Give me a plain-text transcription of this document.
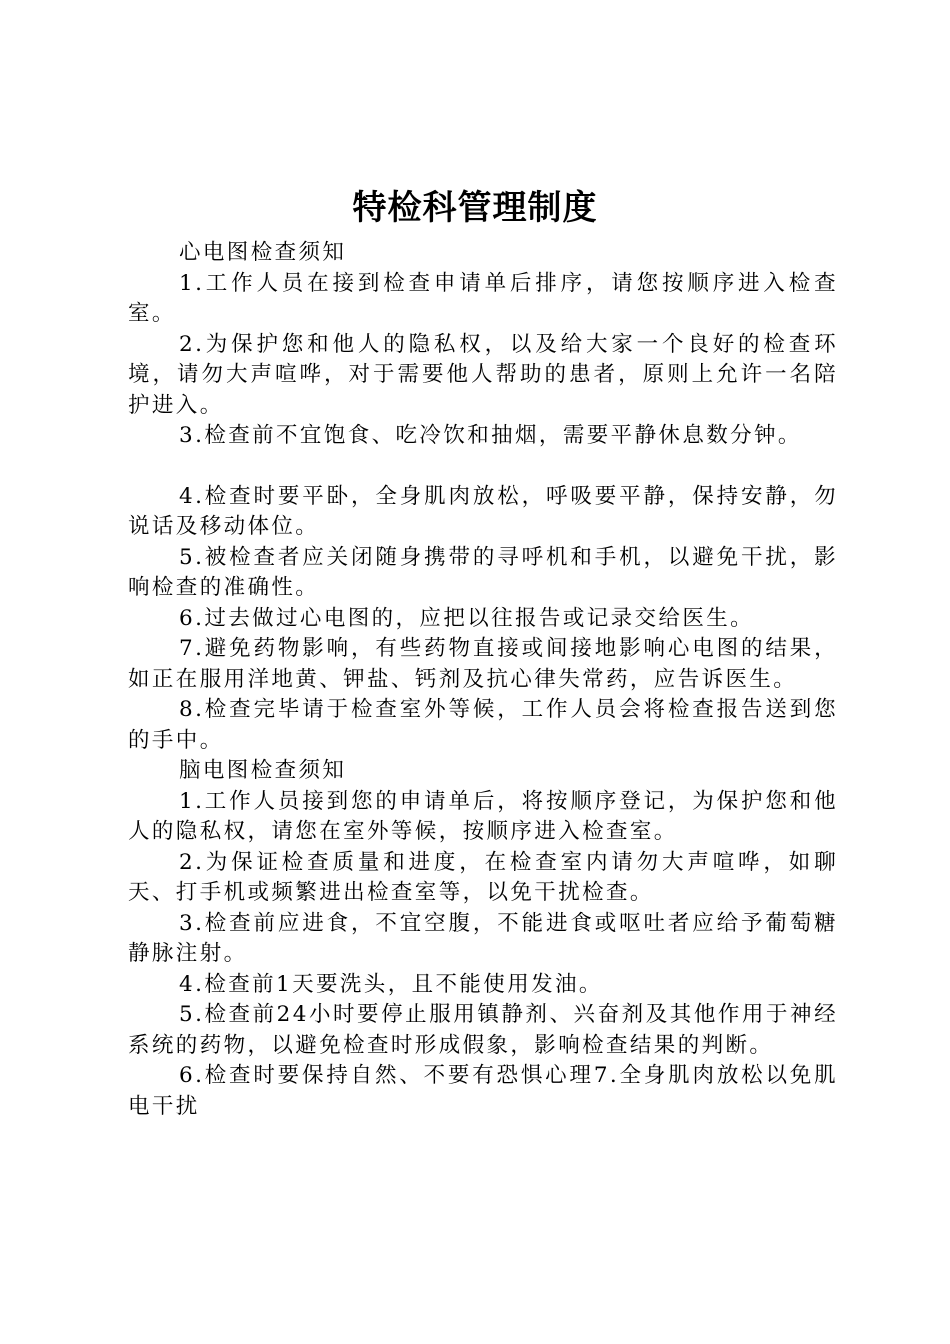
特检科管理制度

心电图检查须知

1.工作人员在接到检查申请单后排序，请您按顺序进入检查室。

2.为保护您和他人的隐私权，以及给大家一个良好的检查环境，请勿大声喧哗，对于需要他人帮助的患者，原则上允许一名陪护进入。

3.检查前不宜饱食、吃冷饮和抽烟，需要平静休息数分钟。

4.检查时要平卧，全身肌肉放松，呼吸要平静，保持安静，勿说话及移动体位。

5.被检查者应关闭随身携带的寻呼机和手机，以避免干扰，影响检查的准确性。

6.过去做过心电图的，应把以往报告或记录交给医生。

7.避免药物影响，有些药物直接或间接地影响心电图的结果，如正在服用洋地黄、钾盐、钙剂及抗心律失常药，应告诉医生。

8.检查完毕请于检查室外等候，工作人员会将检查报告送到您的手中。

脑电图检查须知

1.工作人员接到您的申请单后，将按顺序登记，为保护您和他人的隐私权，请您在室外等候，按顺序进入检查室。

2.为保证检查质量和进度，在检查室内请勿大声喧哗，如聊天、打手机或频繁进出检查室等，以免干扰检查。

3.检查前应进食，不宜空腹，不能进食或呕吐者应给予葡萄糖静脉注射。

4.检查前1天要洗头，且不能使用发油。

5.检查前24小时要停止服用镇静剂、兴奋剂及其他作用于神经系统的药物，以避免检查时形成假象，影响检查结果的判断。

6.检查时要保持自然、不要有恐惧心理7.全身肌肉放松以免肌电干扰
